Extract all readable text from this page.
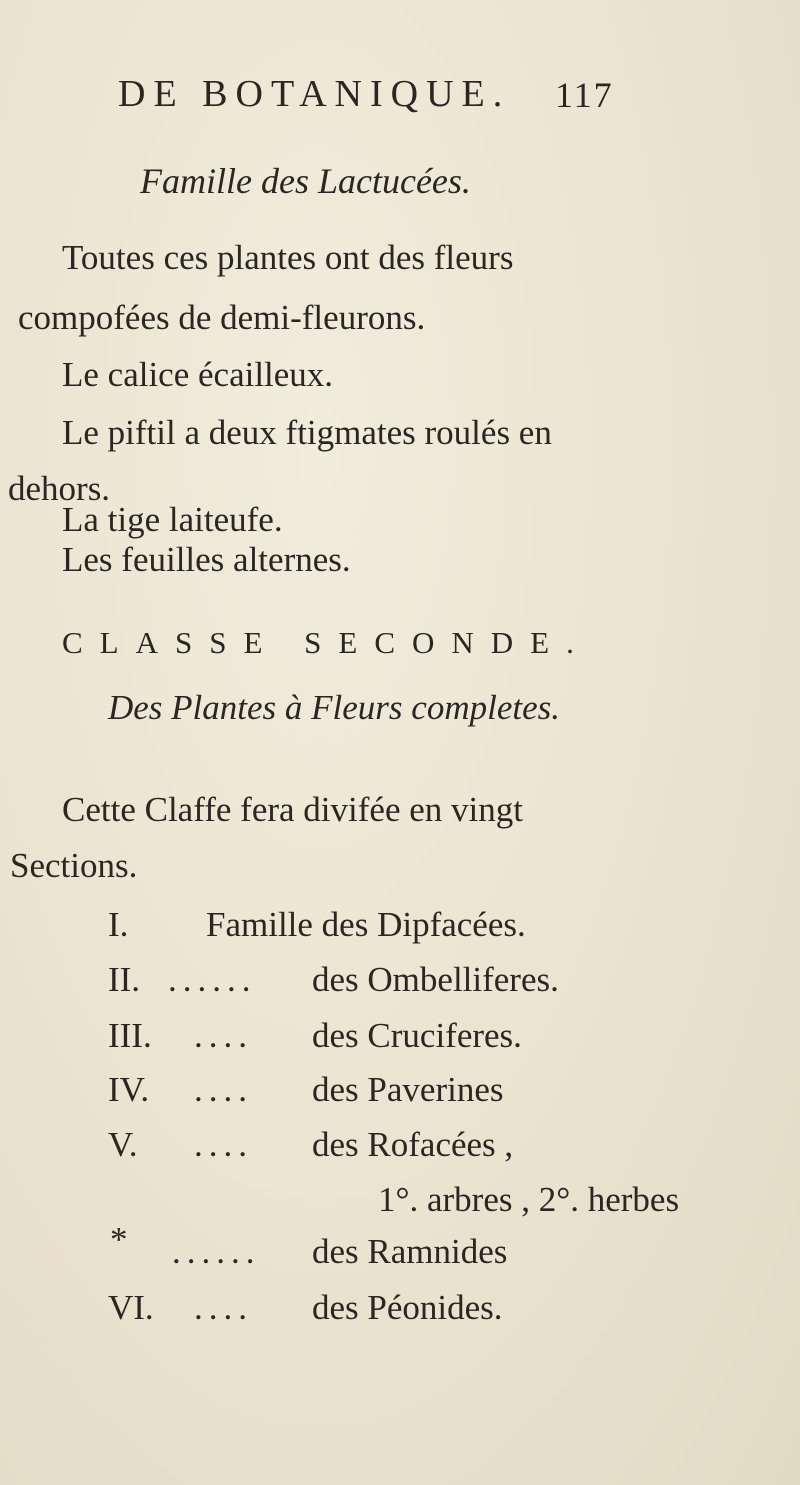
DE BOTANIQUE. 117
Famille des Lactucées.
Toutes ces plantes ont des fleurs
compofées de demi-fleurons.
Le calice écailleux.
Le piftil a deux ftigmates roulés en
dehors.
La tige laiteufe.
Les feuilles alternes.
CLASSE SECONDE.
Des Plantes à Fleurs completes.
Cette Claffe fera divifée en vingt
Sections.
I. Famille des Dipfacées.
II. ...... des Ombelliferes.
III. .... des Cruciferes.
IV. .... des Paverines
V. .... des Rofacées ,
1°. arbres , 2°. herbes
* ...... des Ramnides
VI. .... des Péonides.
